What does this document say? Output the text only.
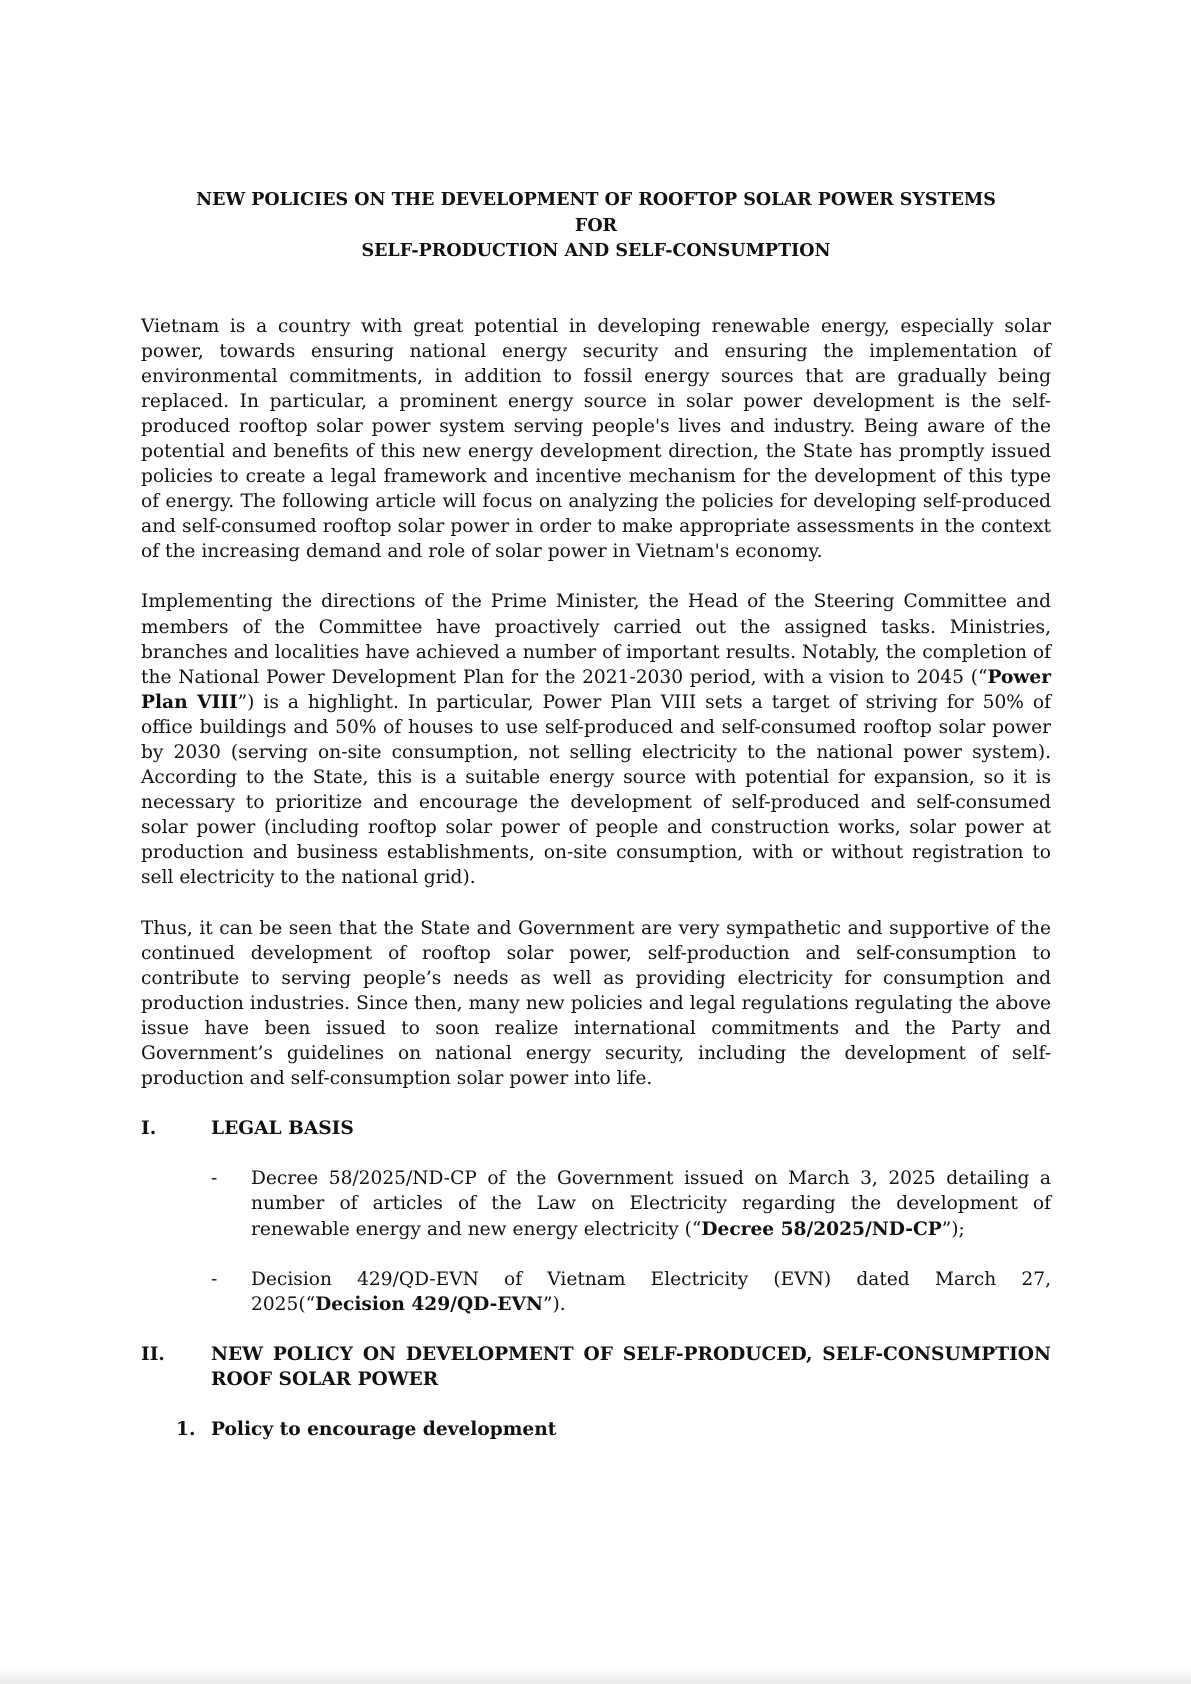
NEW POLICIES ON THE DEVELOPMENT OF ROOFTOP SOLAR POWER SYSTEMS FOR
SELF-PRODUCTION AND SELF-CONSUMPTION

Vietnam is a country with great potential in developing renewable energy, especially solar power, towards ensuring national energy security and ensuring the implementation of environmental commitments, in addition to fossil energy sources that are gradually being replaced. In particular, a prominent energy source in solar power development is the self-produced rooftop solar power system serving people's lives and industry. Being aware of the potential and benefits of this new energy development direction, the State has promptly issued policies to create a legal framework and incentive mechanism for the development of this type of energy. The following article will focus on analyzing the policies for developing self-produced and self-consumed rooftop solar power in order to make appropriate assessments in the context of the increasing demand and role of solar power in Vietnam's economy.

Implementing the directions of the Prime Minister, the Head of the Steering Committee and members of the Committee have proactively carried out the assigned tasks. Ministries, branches and localities have achieved a number of important results. Notably, the completion of the National Power Development Plan for the 2021-2030 period, with a vision to 2045 (“Power Plan VIII”) is a highlight. In particular, Power Plan VIII sets a target of striving for 50% of office buildings and 50% of houses to use self-produced and self-consumed rooftop solar power by 2030 (serving on-site consumption, not selling electricity to the national power system). According to the State, this is a suitable energy source with potential for expansion, so it is necessary to prioritize and encourage the development of self-produced and self-consumed solar power (including rooftop solar power of people and construction works, solar power at production and business establishments, on-site consumption, with or without registration to sell electricity to the national grid).

Thus, it can be seen that the State and Government are very sympathetic and supportive of the continued development of rooftop solar power, self-production and self-consumption to contribute to serving people’s needs as well as providing electricity for consumption and production industries. Since then, many new policies and legal regulations regulating the above issue have been issued to soon realize international commitments and the Party and Government’s guidelines on national energy security, including the development of self-production and self-consumption solar power into life.

I.	LEGAL BASIS
-	Decree 58/2025/ND-CP of the Government issued on March 3, 2025 detailing a number of articles of the Law on Electricity regarding the development of renewable energy and new energy electricity (“Decree 58/2025/ND-CP”);
-	Decision 429/QD-EVN of Vietnam Electricity (EVN) dated March 27, 2025(“Decision 429/QD-EVN”).
II.	NEW POLICY ON DEVELOPMENT OF SELF-PRODUCED, SELF-CONSUMPTION ROOF SOLAR POWER
1. Policy to encourage development
